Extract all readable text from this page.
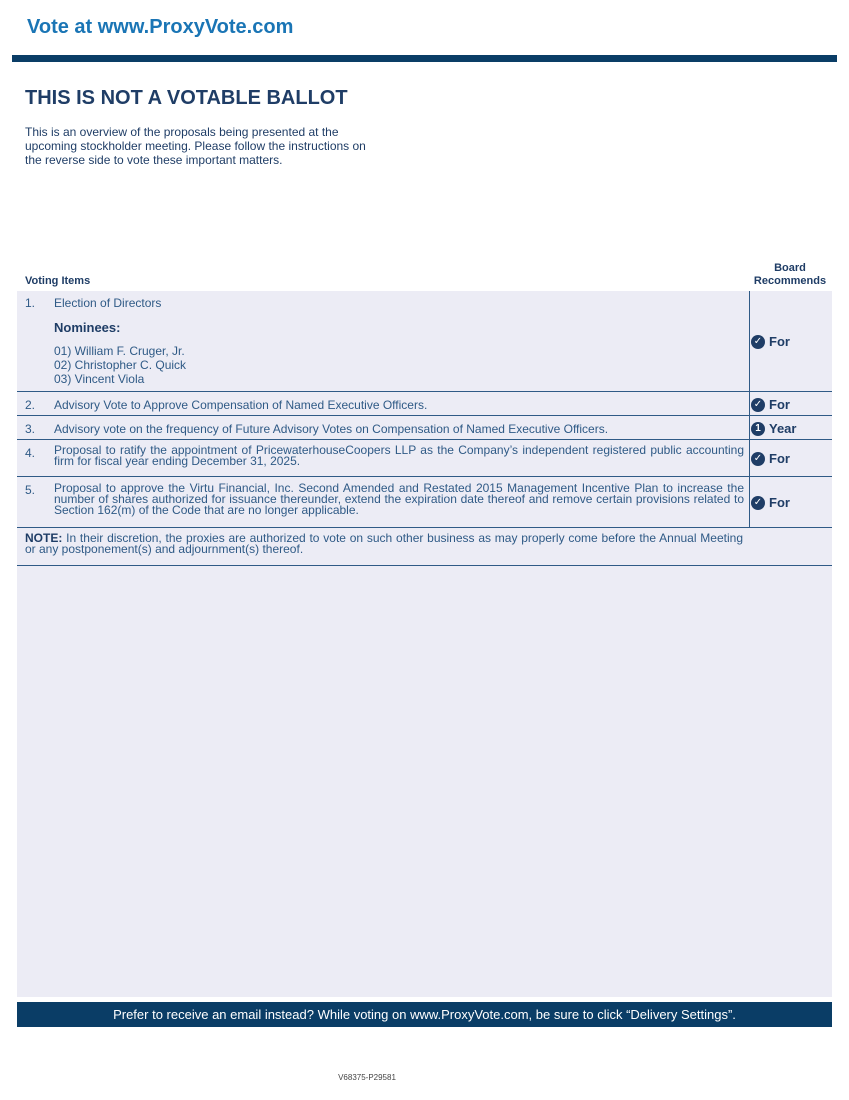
Vote at www.ProxyVote.com
THIS IS NOT A VOTABLE BALLOT
This is an overview of the proposals being presented at the
upcoming stockholder meeting. Please follow the instructions on
the reverse side to vote these important matters.
Voting Items
Board
Recommends
1. Election of Directors
Nominees:
01) William F. Cruger, Jr.
02) Christopher C. Quick
03) Vincent Viola
✓ For
2. Advisory Vote to Approve Compensation of Named Executive Officers.	✓ For
3. Advisory vote on the frequency of Future Advisory Votes on Compensation of Named Executive Officers.	1 Year
4. Proposal to ratify the appointment of PricewaterhouseCoopers LLP as the Company’s independent registered public accounting firm for fiscal year ending December 31, 2025.	✓ For
5. Proposal to approve the Virtu Financial, Inc. Second Amended and Restated 2015 Management Incentive Plan to increase the number of shares authorized for issuance thereunder, extend the expiration date thereof and remove certain provisions related to Section 162(m) of the Code that are no longer applicable.
✓ For
NOTE: In their discretion, the proxies are authorized to vote on such other business as may properly come before the Annual Meeting or any postponement(s) and adjournment(s) thereof.
Prefer to receive an email instead? While voting on www.ProxyVote.com, be sure to click “Delivery Settings”.
V68375-P29581
